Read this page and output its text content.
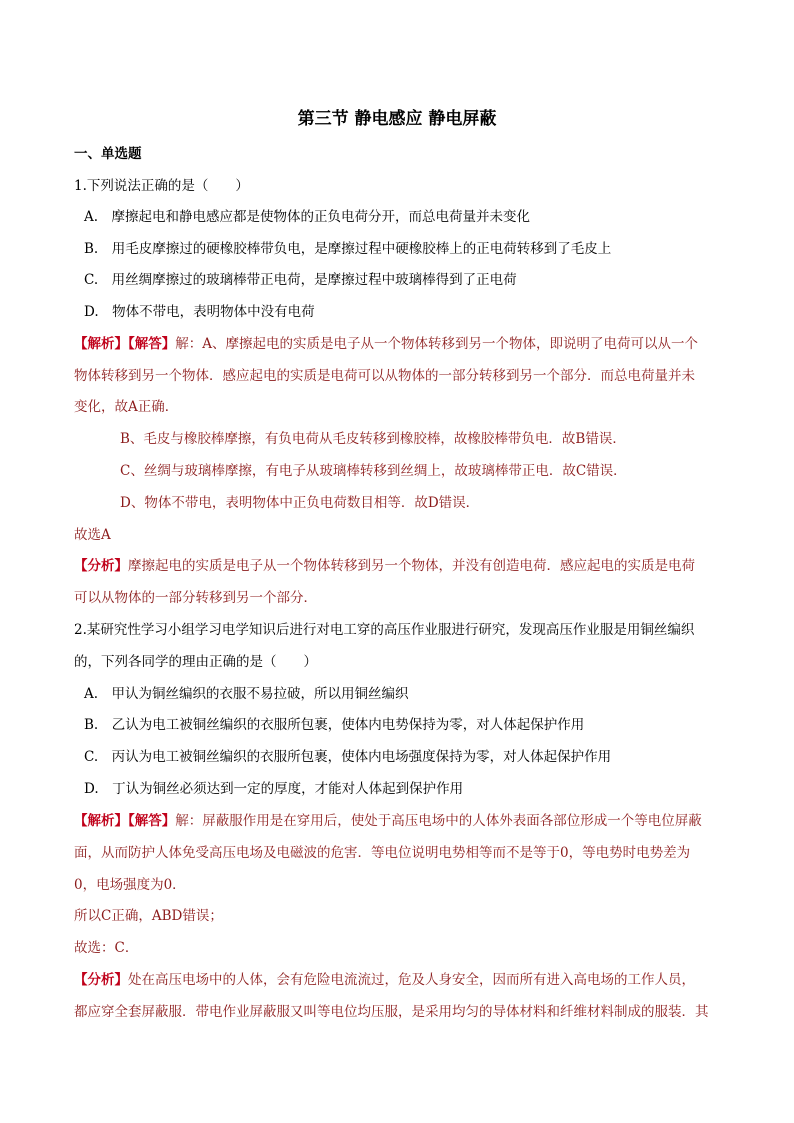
第三节 静电感应 静电屏蔽
一、单选题
1.下列说法正确的是（　　）
A.　摩擦起电和静电感应都是使物体的正负电荷分开，而总电荷量并未变化
B.　用毛皮摩擦过的硬橡胶棒带负电，是摩擦过程中硬橡胶棒上的正电荷转移到了毛皮上
C.　用丝绸摩擦过的玻璃棒带正电荷，是摩擦过程中玻璃棒得到了正电荷
D.　物体不带电，表明物体中没有电荷
【解析】【解答】解：A、摩擦起电的实质是电子从一个物体转移到另一个物体，即说明了电荷可以从一个
物体转移到另一个物体．感应起电的实质是电荷可以从物体的一部分转移到另一个部分．而总电荷量并未
变化，故A正确．
B、毛皮与橡胶棒摩擦，有负电荷从毛皮转移到橡胶棒，故橡胶棒带负电．故B错误．
C、丝绸与玻璃棒摩擦，有电子从玻璃棒转移到丝绸上，故玻璃棒带正电．故C错误．
D、物体不带电，表明物体中正负电荷数目相等．故D错误．
故选A
【分析】摩擦起电的实质是电子从一个物体转移到另一个物体，并没有创造电荷．感应起电的实质是电荷
可以从物体的一部分转移到另一个部分．
2.某研究性学习小组学习电学知识后进行对电工穿的高压作业服进行研究，发现高压作业服是用铜丝编织
的，下列各同学的理由正确的是（　　）
A.　甲认为铜丝编织的衣服不易拉破，所以用铜丝编织
B.　乙认为电工被铜丝编织的衣服所包裹，使体内电势保持为零，对人体起保护作用
C.　丙认为电工被铜丝编织的衣服所包裹，使体内电场强度保持为零，对人体起保护作用
D.　丁认为铜丝必须达到一定的厚度，才能对人体起到保护作用
【解析】【解答】解：屏蔽服作用是在穿用后，使处于高压电场中的人体外表面各部位形成一个等电位屏蔽
面，从而防护人体免受高压电场及电磁波的危害．等电位说明电势相等而不是等于0，等电势时电势差为
0，电场强度为0．
所以C正确，ABD错误；
故选：C．
【分析】处在高压电场中的人体，会有危险电流流过，危及人身安全，因而所有进入高电场的工作人员，
都应穿全套屏蔽服．带电作业屏蔽服又叫等电位均压服，是采用均匀的导体材料和纤维材料制成的服装．其
